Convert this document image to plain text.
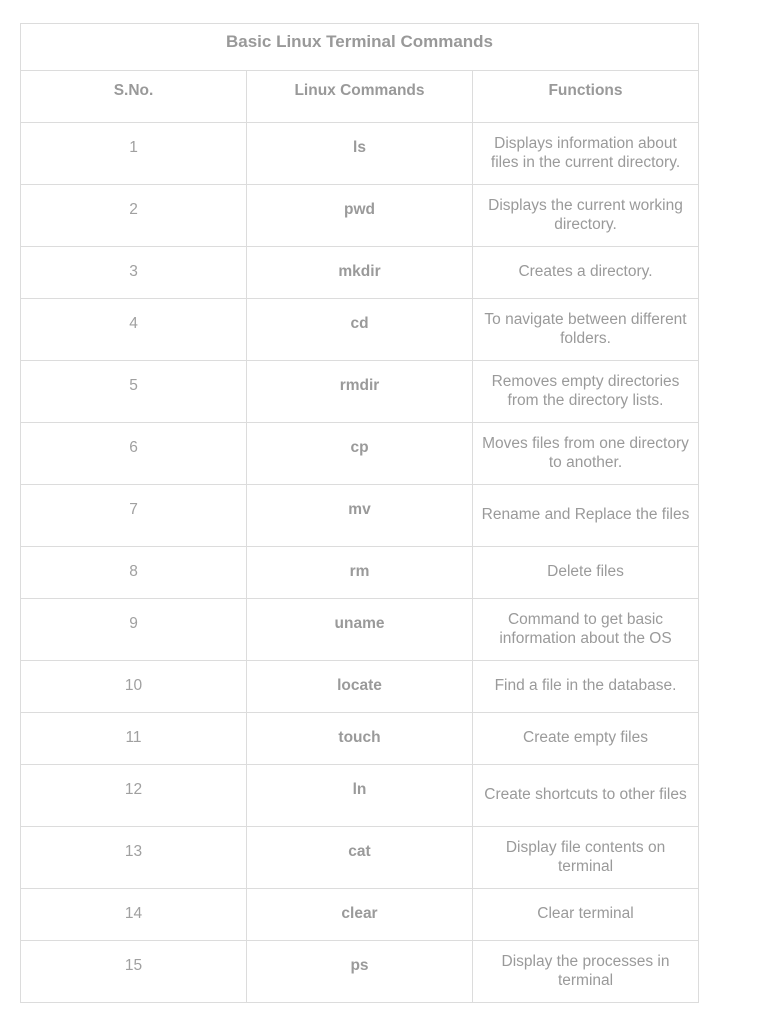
Basic Linux Terminal Commands		
S.No.	Linux Commands	Functions
1	ls	Displays information about files in the current directory.
2	pwd	Displays the current working directory.
3	mkdir	Creates a directory.
4	cd	To navigate between different folders.
5	rmdir	Removes empty directories from the directory lists.
6	cp	Moves files from one directory to another.
7	mv	Rename and Replace the files
8	rm	Delete files
9	uname	Command to get basic information about the OS
10	locate	Find a file in the database.
11	touch	Create empty files
12	ln	Create shortcuts to other files
13	cat	Display file contents on terminal
14	clear	Clear terminal
15	ps	Display the processes in terminal
